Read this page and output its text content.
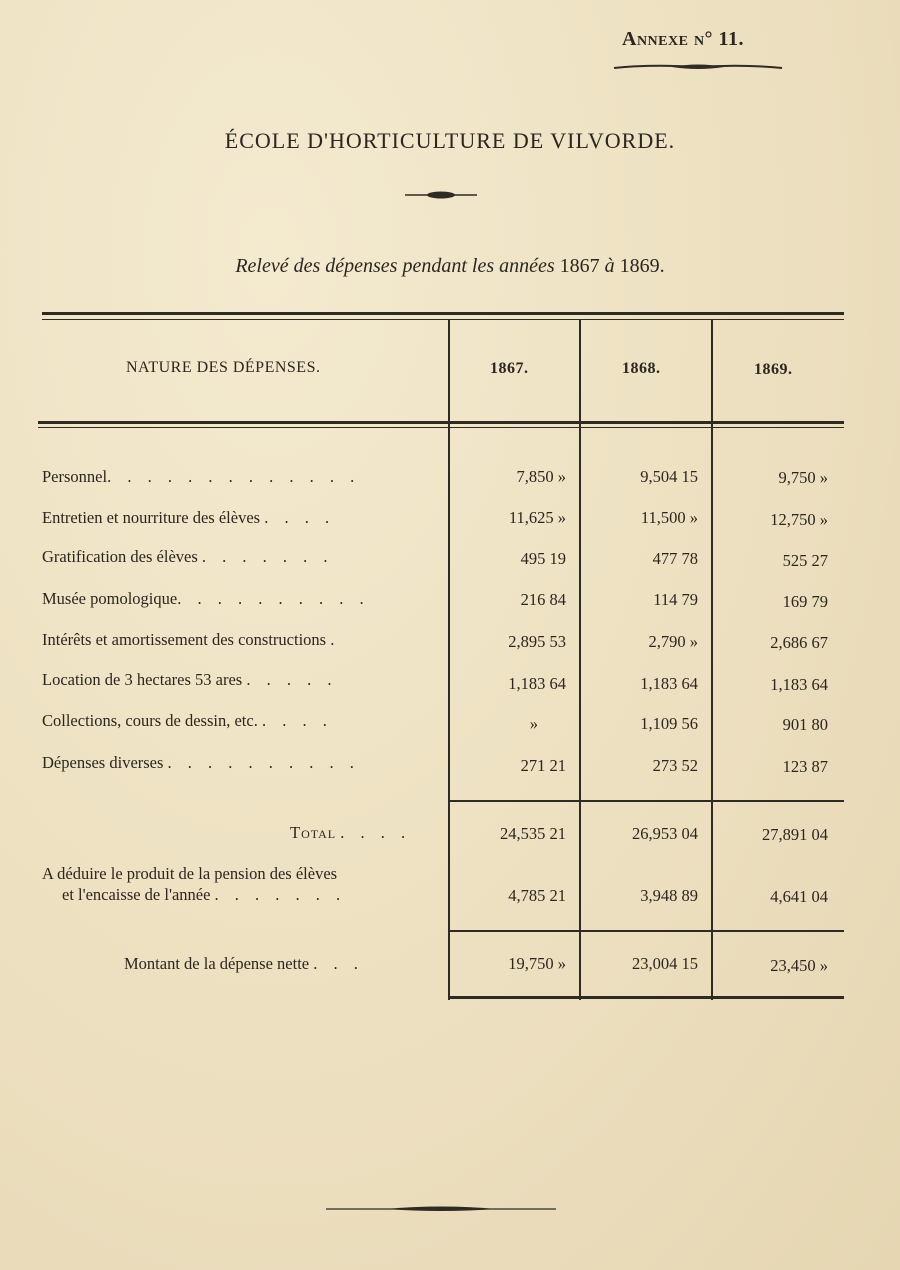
Annexe n° 11.
ÉCOLE D'HORTICULTURE DE VILVORDE.
Relevé des dépenses pendant les années 1867 à 1869.
NATURE DES DÉPENSES.	1867.	1868.	1869.
Personnel. . . . . . . . . . . . .	7,850 »	9,504 15	9,750 »
Entretien et nourriture des élèves . . . .	11,625 »	11,500 »	12,750 »
Gratification des élèves . . . . . . .	495 19	477 78	525 27
Musée pomologique. . . . . . . . . .	216 84	114 79	169 79
Intérêts et amortissement des constructions .	2,895 53	2,790 »	2,686 67
Location de 3 hectares 53 ares . . . . .	1,183 64	1,183 64	1,183 64
Collections, cours de dessin, etc. . . . .	»	1,109 56	901 80
Dépenses diverses . . . . . . . . . .	271 21	273 52	123 87
Total . . . .	24,535 21	26,953 04	27,891 04
A déduire le produit de la pension des élèves
et l'encaisse de l'année . . . . . . .	4,785 21	3,948 89	4,641 04
Montant de la dépense nette . . .	19,750 »	23,004 15	23,450 »
